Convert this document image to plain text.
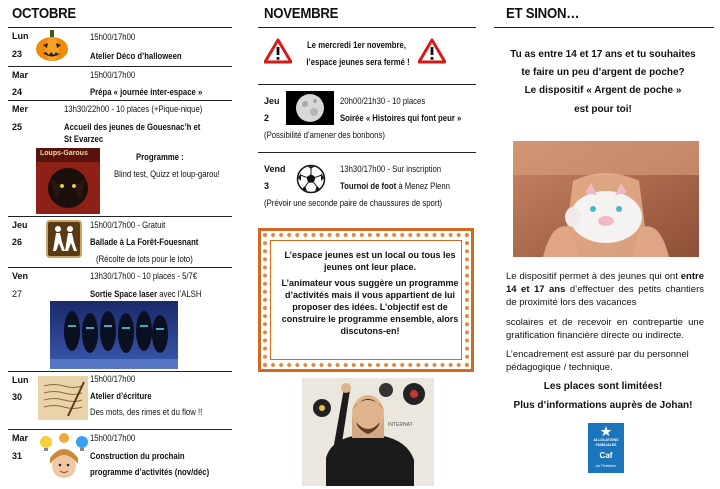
OCTOBRE
Lun
23
15h00/17h00
Atelier Déco d’halloween
Mar
24
15h00/17h00
Prépa « journée inter-espace »
Mer
25
13h30/22h00 - 10 places (+Pique-nique)
Accueil des jeunes de Gouesnac’h et
St Evarzec
Loups-Garous	Programme :
Blind test, Quizz et loup-garou!
Jeu
26
15h00/17h00 - Gratuit
Ballade à La Forêt-Fouesnant
(Récolte de lots pour le loto)
Ven
27
13h30/17h00 - 10 places - 5/7€
Sortie Space laser avec l’ALSH
Lun
30
15h00/17h00
Atelier d’écriture
Des mots, des rimes et du flow !!
Mar
31
15h00/17h00
Construction du prochain
programme d’activités (nov/déc)
NOVEMBRE
Le mercredi 1er novembre,
l’espace jeunes sera fermé !
Jeu
2
20h00/21h30 - 10 places
Soirée « Histoires qui font peur »
(Possibilité d’amener des bonbons)
Vend
3
13h30/17h00 - Sur inscription
Tournoi de foot à Menez Plenn
(Prévoir une seconde paire de chaussures de sport)
L’espace jeunes est un local ou tous les jeunes ont leur place.
L’animateur vous suggère un programme d’activités mais il vous appartient de lui proposer des idées. L’objectif est de construire le programme ensemble, alors discutons-en!
INTERNAT
ET SINON…
Tu as entre 14 et 17 ans et tu souhaites
te faire un peu d’argent de poche?
Le dispositif « Argent de poche »
est pour toi!
Le dispositif permet à des jeunes qui ont entre 14 et 17 ans d’effectuer des petits chantiers de proximité lors des vacances
scolaires et de recevoir en contrepartie une gratification financière directe ou indirecte.
L’encadrement est assuré par du personnel pédagogique / technique.
Les places sont limitées!
Plus d’informations auprès de Johan!
ALLOCATIONS
FAMILIALES
Caf
du Finistère
